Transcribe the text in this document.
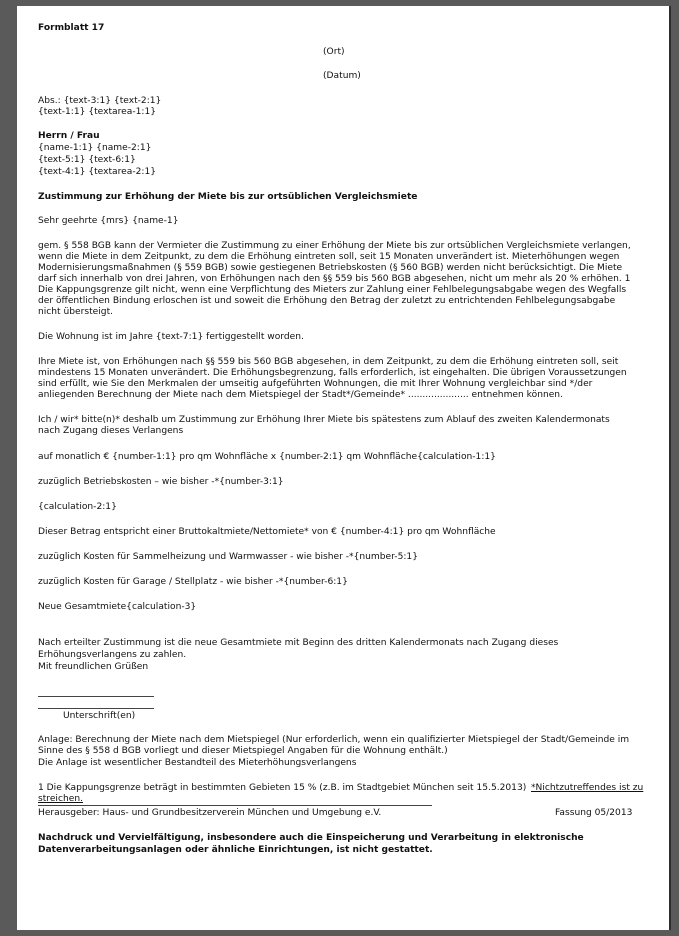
Formblatt 17
(Ort)
(Datum)
Abs.: {text-3:1} {text-2:1}
{text-1:1} {textarea-1:1}
Herrn / Frau
{name-1:1} {name-2:1}
{text-5:1} {text-6:1}
{text-4:1} {textarea-2:1}
Zustimmung zur Erhöhung der Miete bis zur ortsüblichen Vergleichsmiete
Sehr geehrte {mrs} {name-1}
gem. § 558 BGB kann der Vermieter die Zustimmung zu einer Erhöhung der Miete bis zur ortsüblichen Vergleichsmiete verlangen,
wenn die Miete in dem Zeitpunkt, zu dem die Erhöhung eintreten soll, seit 15 Monaten unverändert ist. Mieterhöhungen wegen
Modernisierungsmaßnahmen (§ 559 BGB) sowie gestiegenen Betriebskosten (§ 560 BGB) werden nicht berücksichtigt. Die Miete
darf sich innerhalb von drei Jahren, von Erhöhungen nach den §§ 559 bis 560 BGB abgesehen, nicht um mehr als 20 % erhöhen. 1
Die Kappungsgrenze gilt nicht, wenn eine Verpflichtung des Mieters zur Zahlung einer Fehlbelegungsabgabe wegen des Wegfalls
der öffentlichen Bindung erloschen ist und soweit die Erhöhung den Betrag der zuletzt zu entrichtenden Fehlbelegungsabgabe
nicht übersteigt.
Die Wohnung ist im Jahre {text-7:1} fertiggestellt worden.
Ihre Miete ist, von Erhöhungen nach §§ 559 bis 560 BGB abgesehen, in dem Zeitpunkt, zu dem die Erhöhung eintreten soll, seit
mindestens 15 Monaten unverändert. Die Erhöhungsbegrenzung, falls erforderlich, ist eingehalten. Die übrigen Voraussetzungen
sind erfüllt, wie Sie den Merkmalen der umseitig aufgeführten Wohnungen, die mit Ihrer Wohnung vergleichbar sind */der
anliegenden Berechnung der Miete nach dem Mietspiegel der Stadt*/Gemeinde* ..................... entnehmen können.
Ich / wir* bitte(n)* deshalb um Zustimmung zur Erhöhung Ihrer Miete bis spätestens zum Ablauf des zweiten Kalendermonats
nach Zugang dieses Verlangens
auf monatlich € {number-1:1} pro qm Wohnfläche x {number-2:1} qm Wohnfläche{calculation-1:1}
zuzüglich Betriebskosten – wie bisher -*{number-3:1}
{calculation-2:1}
Dieser Betrag entspricht einer Bruttokaltmiete/Nettomiete* von € {number-4:1} pro qm Wohnfläche
zuzüglich Kosten für Sammelheizung und Warmwasser - wie bisher -*{number-5:1}
zuzüglich Kosten für Garage / Stellplatz - wie bisher -*{number-6:1}
Neue Gesamtmiete{calculation-3}
Nach erteilter Zustimmung ist die neue Gesamtmiete mit Beginn des dritten Kalendermonats nach Zugang dieses
Erhöhungsverlangens zu zahlen.
Mit freundlichen Grüßen
Unterschrift(en)
Anlage: Berechnung der Miete nach dem Mietspiegel (Nur erforderlich, wenn ein qualifizierter Mietspiegel der Stadt/Gemeinde im
Sinne des § 558 d BGB vorliegt und dieser Mietspiegel Angaben für die Wohnung enthält.)
Die Anlage ist wesentlicher Bestandteil des Mieterhöhungsverlangens
1 Die Kappungsgrenze beträgt in bestimmten Gebieten 15 % (z.B. im Stadtgebiet München seit 15.5.2013) *Nichtzutreffendes ist zu
streichen.
Herausgeber: Haus- und Grundbesitzerverein München und Umgebung e.V.	Fassung 05/2013
Nachdruck und Vervielfältigung, insbesondere auch die Einspeicherung und Verarbeitung in elektronische
Datenverarbeitungsanlagen oder ähnliche Einrichtungen, ist nicht gestattet.
